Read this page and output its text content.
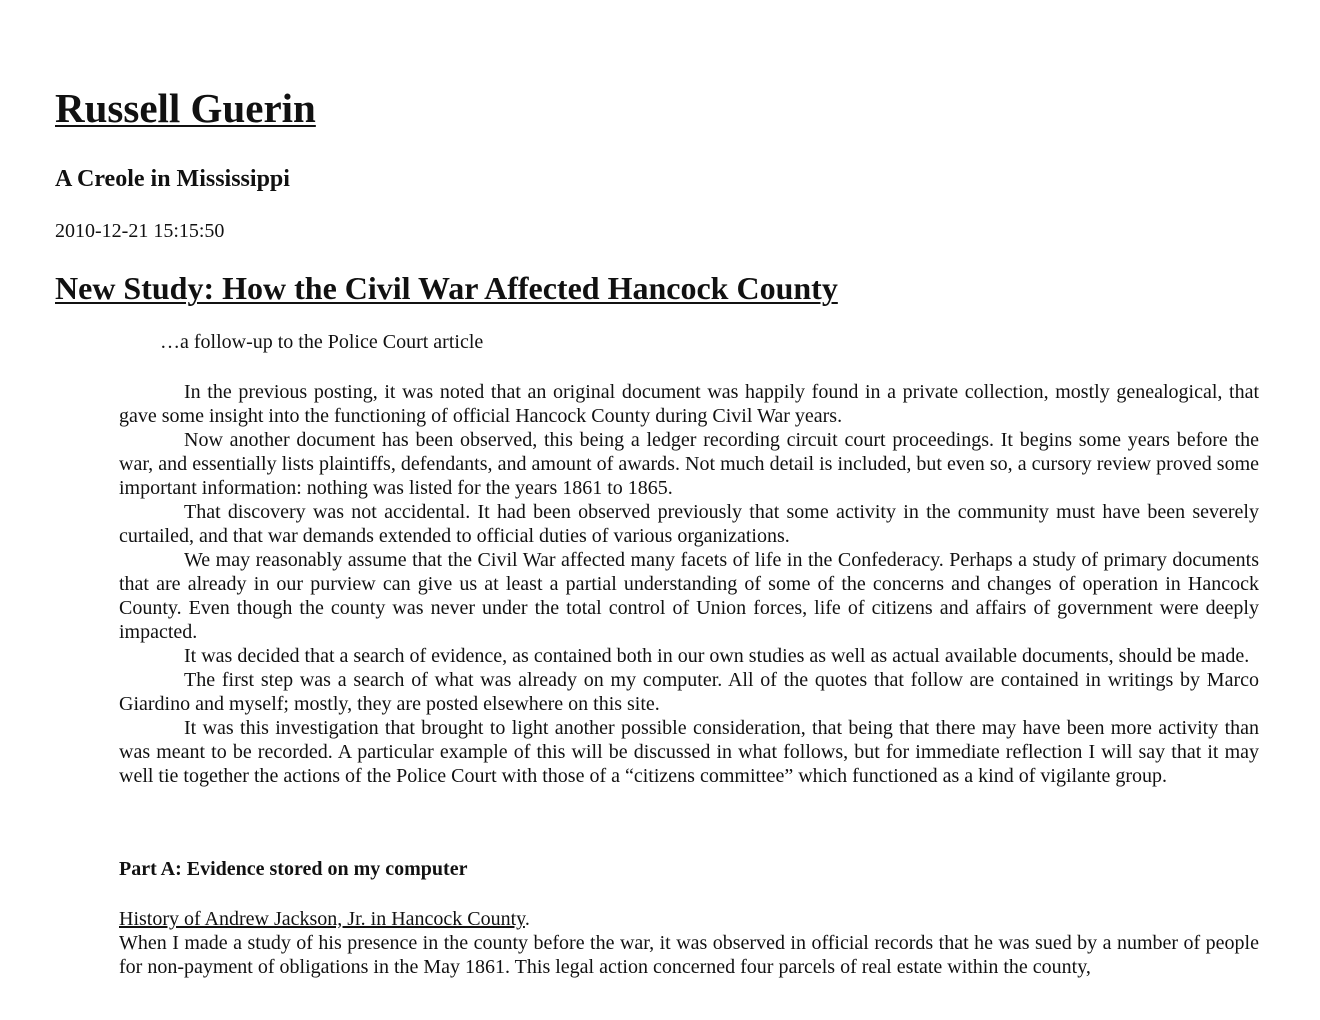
Russell Guerin
A Creole in Mississippi

2010-12-21 15:15:50

New Study: How the Civil War Affected Hancock County

…a follow-up to the Police Court article

In the previous posting, it was noted that an original document was happily found in a private collection, mostly genealogical, that gave some insight into the functioning of official Hancock County during Civil War years.

Now another document has been observed, this being a ledger recording circuit court proceedings. It begins some years before the war, and essentially lists plaintiffs, defendants, and amount of awards. Not much detail is included, but even so, a cursory review proved some important information: nothing was listed for the years 1861 to 1865.

That discovery was not accidental. It had been observed previously that some activity in the community must have been severely curtailed, and that war demands extended to official duties of various organizations.

We may reasonably assume that the Civil War affected many facets of life in the Confederacy. Perhaps a study of primary documents that are already in our purview can give us at least a partial understanding of some of the concerns and changes of operation in Hancock County. Even though the county was never under the total control of Union forces, life of citizens and affairs of government were deeply impacted.

It was decided that a search of evidence, as contained both in our own studies as well as actual available documents, should be made.

The first step was a search of what was already on my computer. All of the quotes that follow are contained in writings by Marco Giardino and myself; mostly, they are posted elsewhere on this site.

It was this investigation that brought to light another possible consideration, that being that there may have been more activity than was meant to be recorded. A particular example of this will be discussed in what follows, but for immediate reflection I will say that it may well tie together the actions of the Police Court with those of a “citizens committee” which functioned as a kind of vigilante group.

Part A: Evidence stored on my computer
History of Andrew Jackson, Jr. in Hancock County.

When I made a study of his presence in the county before the war, it was observed in official records that he was sued by a number of people for non-payment of obligations in the May 1861. This legal action concerned four parcels of real estate within the county,
